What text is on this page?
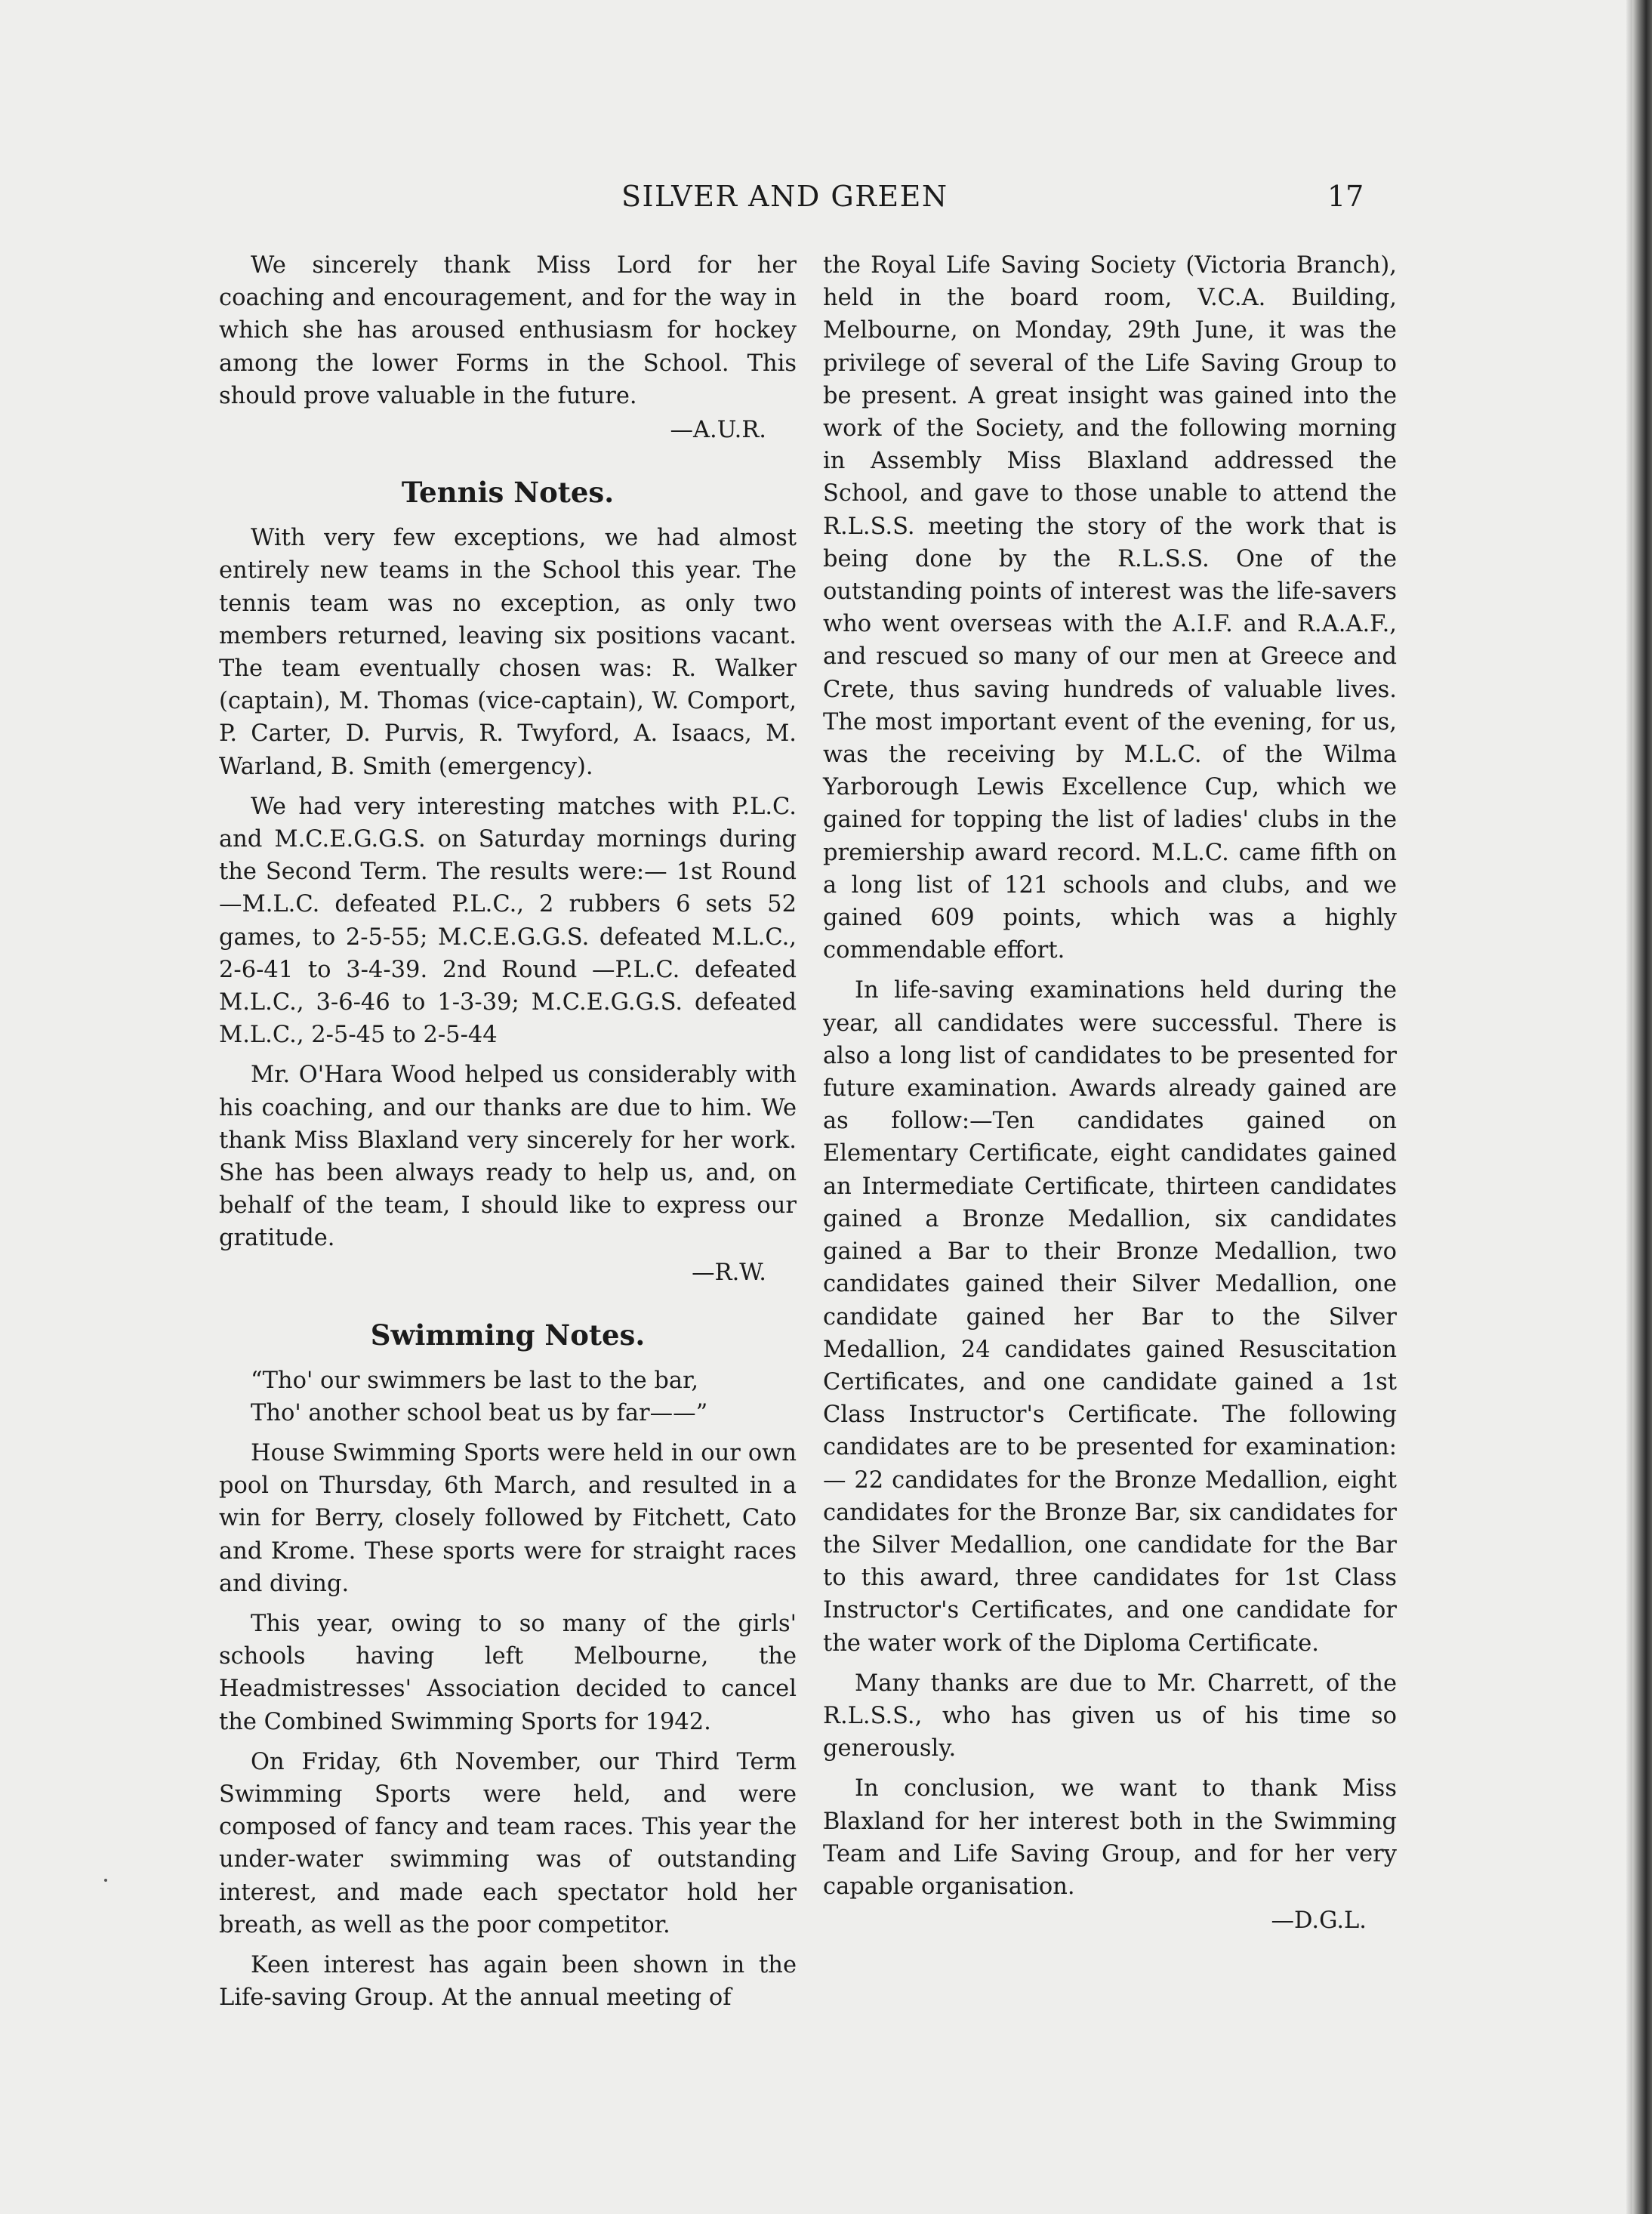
SILVER AND GREEN	17

We sincerely thank Miss Lord for her coaching and encouragement, and for the way in which she has aroused enthusiasm for hockey among the lower Forms in the School. This should prove valuable in the future.

—A.U.R.
Tennis Notes.

With very few exceptions, we had almost entirely new teams in the School this year. The tennis team was no exception, as only two members returned, leaving six positions vacant. The team eventually chosen was: R. Walker (captain), M. Thomas (vice-captain), W. Comport, P. Carter, D. Purvis, R. Twyford, A. Isaacs, M. Warland, B. Smith (emergency).

We had very interesting matches with P.L.C. and M.C.E.G.G.S. on Saturday mornings during the Second Term. The results were:— 1st Round—M.L.C. defeated P.L.C., 2 rubbers 6 sets 52 games, to 2-5-55; M.C.E.G.G.S. defeated M.L.C., 2-6-41 to 3-4-39. 2nd Round —P.L.C. defeated M.L.C., 3-6-46 to 1-3-39; M.C.E.G.G.S. defeated M.L.C., 2-5-45 to 2-5-44

Mr. O'Hara Wood helped us considerably with his coaching, and our thanks are due to him. We thank Miss Blaxland very sincerely for her work. She has been always ready to help us, and, on behalf of the team, I should like to express our gratitude.

—R.W.
Swimming Notes.
“Tho' our swimmers be last to the bar,
Tho' another school beat us by far——”

House Swimming Sports were held in our own pool on Thursday, 6th March, and resulted in a win for Berry, closely followed by Fitchett, Cato and Krome. These sports were for straight races and diving.

This year, owing to so many of the girls' schools having left Melbourne, the Headmistresses' Association decided to cancel the Combined Swimming Sports for 1942.

On Friday, 6th November, our Third Term Swimming Sports were held, and were composed of fancy and team races. This year the under-water swimming was of outstanding interest, and made each spectator hold her breath, as well as the poor competitor.

Keen interest has again been shown in the Life-saving Group. At the annual meeting of

the Royal Life Saving Society (Victoria Branch), held in the board room, V.C.A. Building, Melbourne, on Monday, 29th June, it was the privilege of several of the Life Saving Group to be present. A great insight was gained into the work of the Society, and the following morning in Assembly Miss Blaxland addressed the School, and gave to those unable to attend the R.L.S.S. meeting the story of the work that is being done by the R.L.S.S. One of the outstanding points of interest was the life-savers who went overseas with the A.I.F. and R.A.A.F., and rescued so many of our men at Greece and Crete, thus saving hundreds of valuable lives. The most important event of the evening, for us, was the receiving by M.L.C. of the Wilma Yarborough Lewis Excellence Cup, which we gained for topping the list of ladies' clubs in the premiership award record. M.L.C. came fifth on a long list of 121 schools and clubs, and we gained 609 points, which was a highly commendable effort.

In life-saving examinations held during the year, all candidates were successful. There is also a long list of candidates to be presented for future examination. Awards already gained are as follow:—Ten candidates gained on Elementary Certificate, eight candidates gained an Intermediate Certificate, thirteen candidates gained a Bronze Medallion, six candidates gained a Bar to their Bronze Medallion, two candidates gained their Silver Medallion, one candidate gained her Bar to the Silver Medallion, 24 candidates gained Resuscitation Certificates, and one candidate gained a 1st Class Instructor's Certificate. The following candidates are to be presented for examination:— 22 candidates for the Bronze Medallion, eight candidates for the Bronze Bar, six candidates for the Silver Medallion, one candidate for the Bar to this award, three candidates for 1st Class Instructor's Certificates, and one candidate for the water work of the Diploma Certificate.

Many thanks are due to Mr. Charrett, of the R.L.S.S., who has given us of his time so generously.

In conclusion, we want to thank Miss Blaxland for her interest both in the Swimming Team and Life Saving Group, and for her very capable organisation.

—D.G.L.
